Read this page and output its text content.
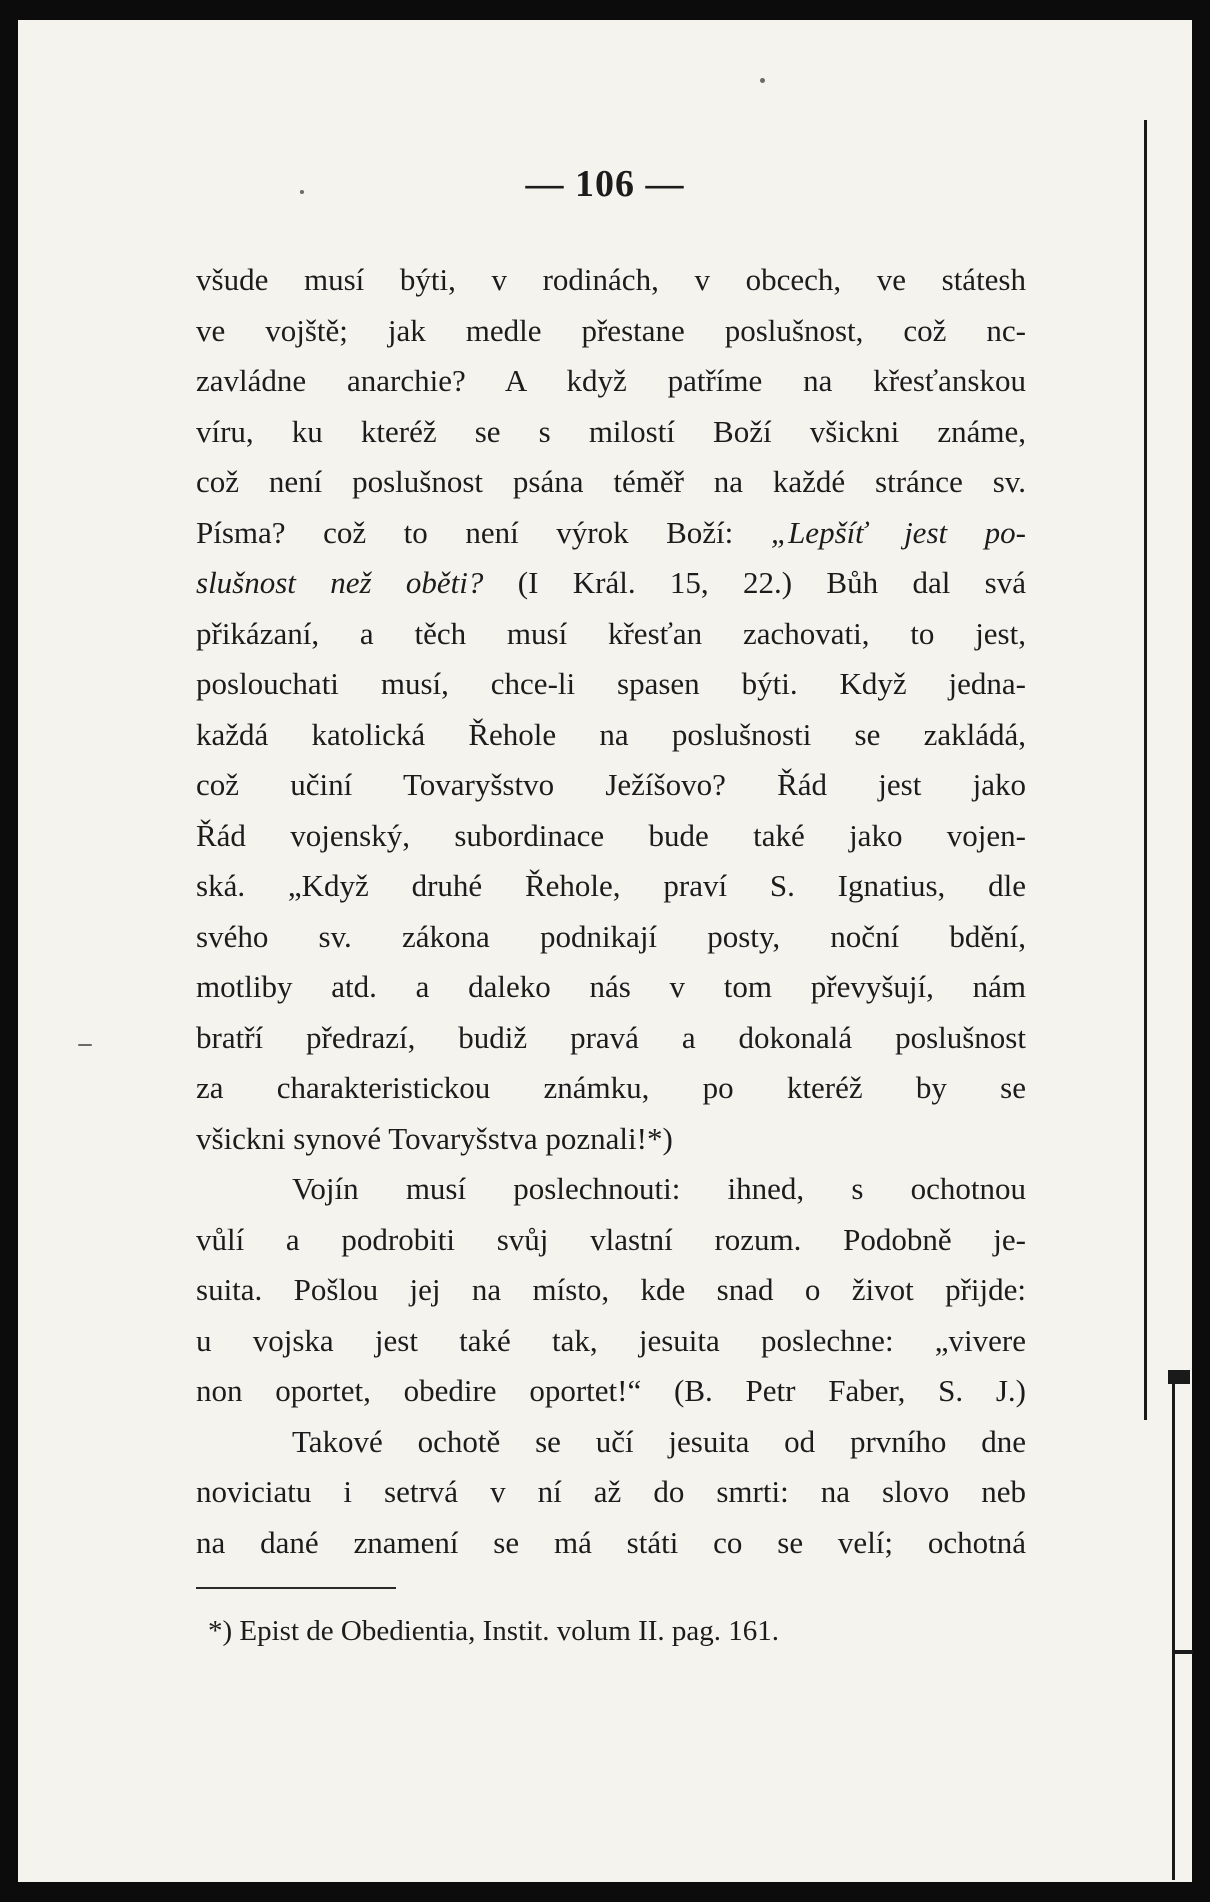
— 106 —
všude musí býti, v rodinách, v obcech, ve státesh
ve vojště; jak medle přestane poslušnost, což nc-
zavládne anarchie? A když patříme na křesťanskou
víru, ku kteréž se s milostí Boží všickni známe,
což není poslušnost psána téměř na každé stránce sv.
Písma? což to není výrok Boží: „Lepšíť jest po-
slušnost než oběti? (I Král. 15, 22.) Bůh dal svá
přikázaní, a těch musí křesťan zachovati, to jest,
poslouchati musí, chce-li spasen býti. Když jedna-
každá katolická Řehole na poslušnosti se zakládá,
což učiní Tovaryšstvo Ježíšovo? Řád jest jako
Řád vojenský, subordinace bude také jako vojen-
ská. „Když druhé Řehole, praví S. Ignatius, dle
svého sv. zákona podnikají posty, noční bdění,
motliby atd. a daleko nás v tom převyšují, nám
bratří předrazí, budiž pravá a dokonalá poslušnost
za charakteristickou známku, po kteréž by se
všickni synové Tovaryšstva poznali!*)
Vojín musí poslechnouti: ihned, s ochotnou
vůlí a podrobiti svůj vlastní rozum. Podobně je-
suita. Pošlou jej na místo, kde snad o život přijde:
u vojska jest také tak, jesuita poslechne: „vivere
non oportet, obedire oportet!“ (B. Petr Faber, S. J.)
Takové ochotě se učí jesuita od prvního dne
noviciatu i setrvá v ní až do smrti: na slovo neb
na dané znamení se má státi co se velí; ochotná
*) Epist de Obedientia, Instit. volum II. pag. 161.
